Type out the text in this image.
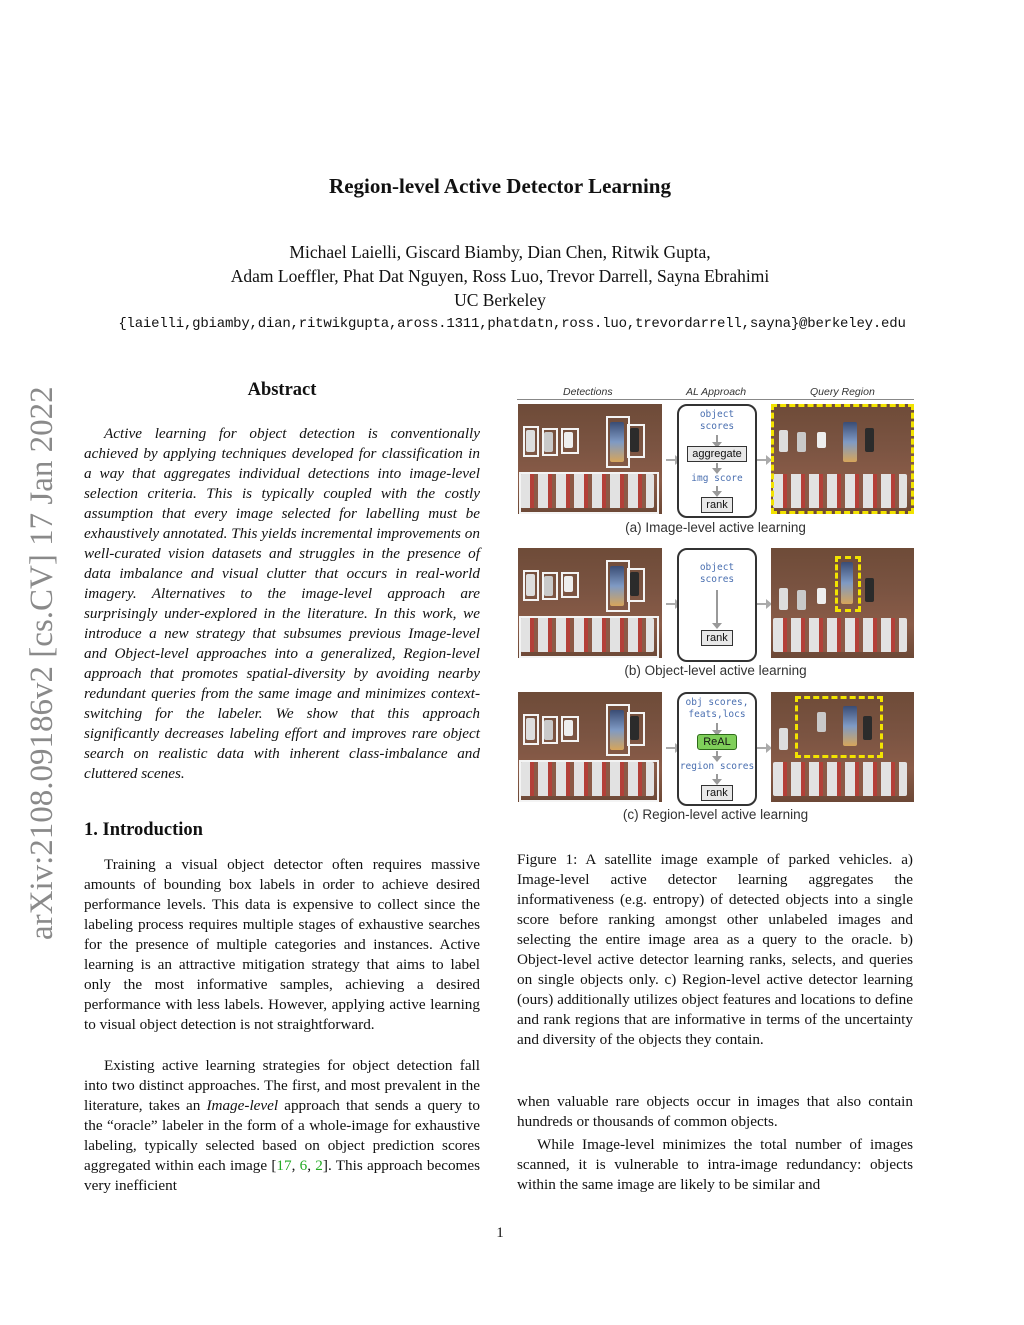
arXiv:2108.09186v2 [cs.CV] 17 Jan 2022
Region-level Active Detector Learning
Michael Laielli, Giscard Biamby, Dian Chen, Ritwik Gupta,
Adam Loeffler, Phat Dat Nguyen, Ross Luo, Trevor Darrell, Sayna Ebrahimi
UC Berkeley
{laielli,gbiamby,dian,ritwikgupta,aross.1311,phatdatn,ross.luo,trevordarrell,sayna}@berkeley.edu
Abstract
Active learning for object detection is conventionally achieved by applying techniques developed for classification in a way that aggregates individual detections into image-level selection criteria. This is typically coupled with the costly assumption that every image selected for labelling must be exhaustively annotated. This yields incremental improvements on well-curated vision datasets and struggles in the presence of data imbalance and visual clutter that occurs in real-world imagery. Alternatives to the image-level approach are surprisingly under-explored in the literature. In this work, we introduce a new strategy that subsumes previous Image-level and Object-level approaches into a generalized, Region-level approach that promotes spatial-diversity by avoiding nearby redundant queries from the same image and minimizes context-switching for the labeler. We show that this approach significantly decreases labeling effort and improves rare object search on realistic data with inherent class-imbalance and cluttered scenes.
1. Introduction
Training a visual object detector often requires massive amounts of bounding box labels in order to achieve desired performance levels. This data is expensive to collect since the labeling process requires multiple stages of exhaustive searches for the presence of multiple categories and instances. Active learning is an attractive mitigation strategy that aims to label only the most informative samples, achieving a desired performance with less labels. However, applying active learning to visual object detection is not straightforward.
Existing active learning strategies for object detection fall into two distinct approaches. The first, and most prevalent in the literature, takes an Image-level approach that sends a query to the “oracle” labeler in the form of a whole-image for exhaustive labeling, typically selected based on object prediction scores aggregated within each image [17, 6, 2]. This approach becomes very inefficient
when valuable rare objects occur in images that also contain hundreds or thousands of common objects.
While Image-level minimizes the total number of images scanned, it is vulnerable to intra-image redundancy: objects within the same image are likely to be similar and
Detections	AL Approach	Query Region
object
scores
aggregate
img score
rank
(a) Image-level active learning
object
scores
rank
(b) Object-level active learning
obj scores,
feats,locs
ReAL
region scores
rank
(c) Region-level active learning
Figure 1: A satellite image example of parked vehicles. a) Image-level active detector learning aggregates the informativeness (e.g. entropy) of detected objects into a single score before ranking amongst other unlabeled images and selecting the entire image area as a query to the oracle. b) Object-level active detector learning ranks, selects, and queries on single objects only. c) Region-level active detector learning (ours) additionally utilizes object features and locations to define and rank regions that are informative in terms of the uncertainty and diversity of the objects they contain.
1
